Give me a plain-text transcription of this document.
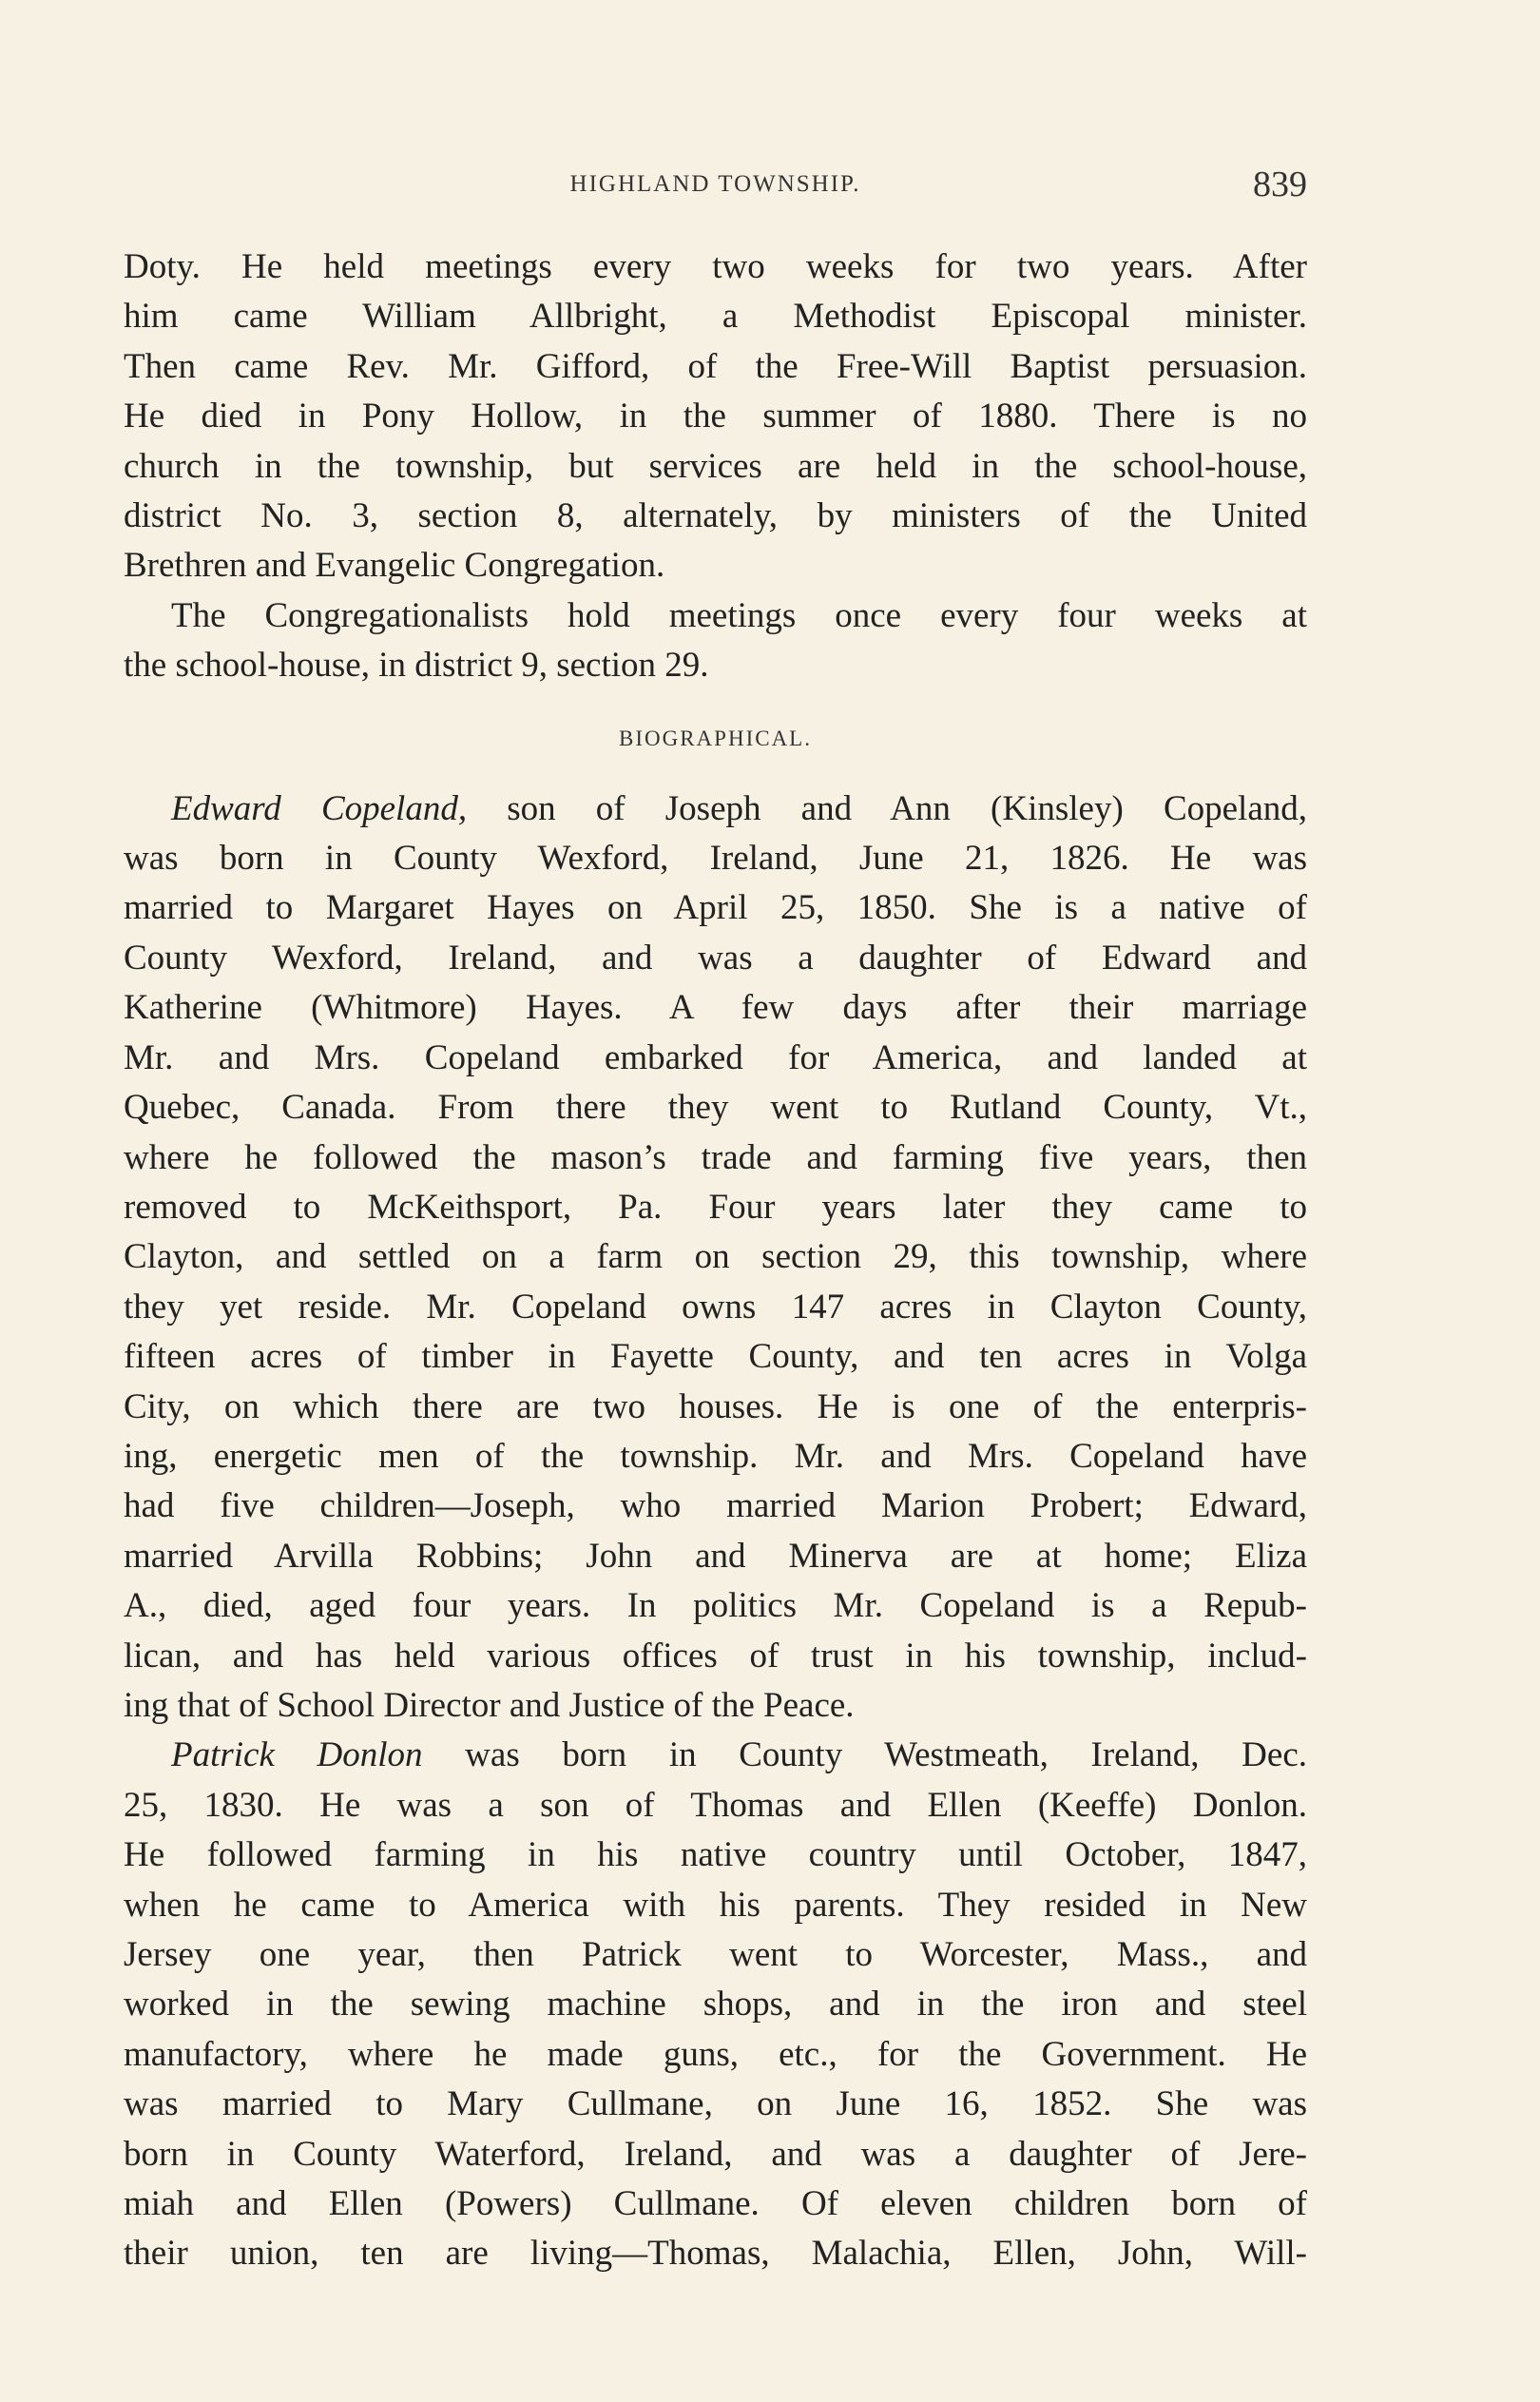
HIGHLAND TOWNSHIP.	839

Doty. He held meetings every two weeks for two years. After

him came William Allbright, a Methodist Episcopal minister.

Then came Rev. Mr. Gifford, of the Free-Will Baptist persuasion.

He died in Pony Hollow, in the summer of 1880. There is no

church in the township, but services are held in the school-house,

district No. 3, section 8, alternately, by ministers of the United

Brethren and Evangelic Congregation.

The Congregationalists hold meetings once every four weeks at

the school-house, in district 9, section 29.

BIOGRAPHICAL.

Edward Copeland, son of Joseph and Ann (Kinsley) Copeland,

was born in County Wexford, Ireland, June 21, 1826. He was

married to Margaret Hayes on April 25, 1850. She is a native of

County Wexford, Ireland, and was a daughter of Edward and

Katherine (Whitmore) Hayes. A few days after their marriage

Mr. and Mrs. Copeland embarked for America, and landed at

Quebec, Canada. From there they went to Rutland County, Vt.,

where he followed the mason’s trade and farming five years, then

removed to McKeithsport, Pa. Four years later they came to

Clayton, and settled on a farm on section 29, this township, where

they yet reside. Mr. Copeland owns 147 acres in Clayton County,

fifteen acres of timber in Fayette County, and ten acres in Volga

City, on which there are two houses. He is one of the enterpris-

ing, energetic men of the township. Mr. and Mrs. Copeland have

had five children—Joseph, who married Marion Probert; Edward,

married Arvilla Robbins; John and Minerva are at home; Eliza

A., died, aged four years. In politics Mr. Copeland is a Repub-

lican, and has held various offices of trust in his township, includ-

ing that of School Director and Justice of the Peace.

Patrick Donlon was born in County Westmeath, Ireland, Dec.

25, 1830. He was a son of Thomas and Ellen (Keeffe) Donlon.

He followed farming in his native country until October, 1847,

when he came to America with his parents. They resided in New

Jersey one year, then Patrick went to Worcester, Mass., and

worked in the sewing machine shops, and in the iron and steel

manufactory, where he made guns, etc., for the Government. He

was married to Mary Cullmane, on June 16, 1852. She was

born in County Waterford, Ireland, and was a daughter of Jere-

miah and Ellen (Powers) Cullmane. Of eleven children born of

their union, ten are living—Thomas, Malachia, Ellen, John, Will-
